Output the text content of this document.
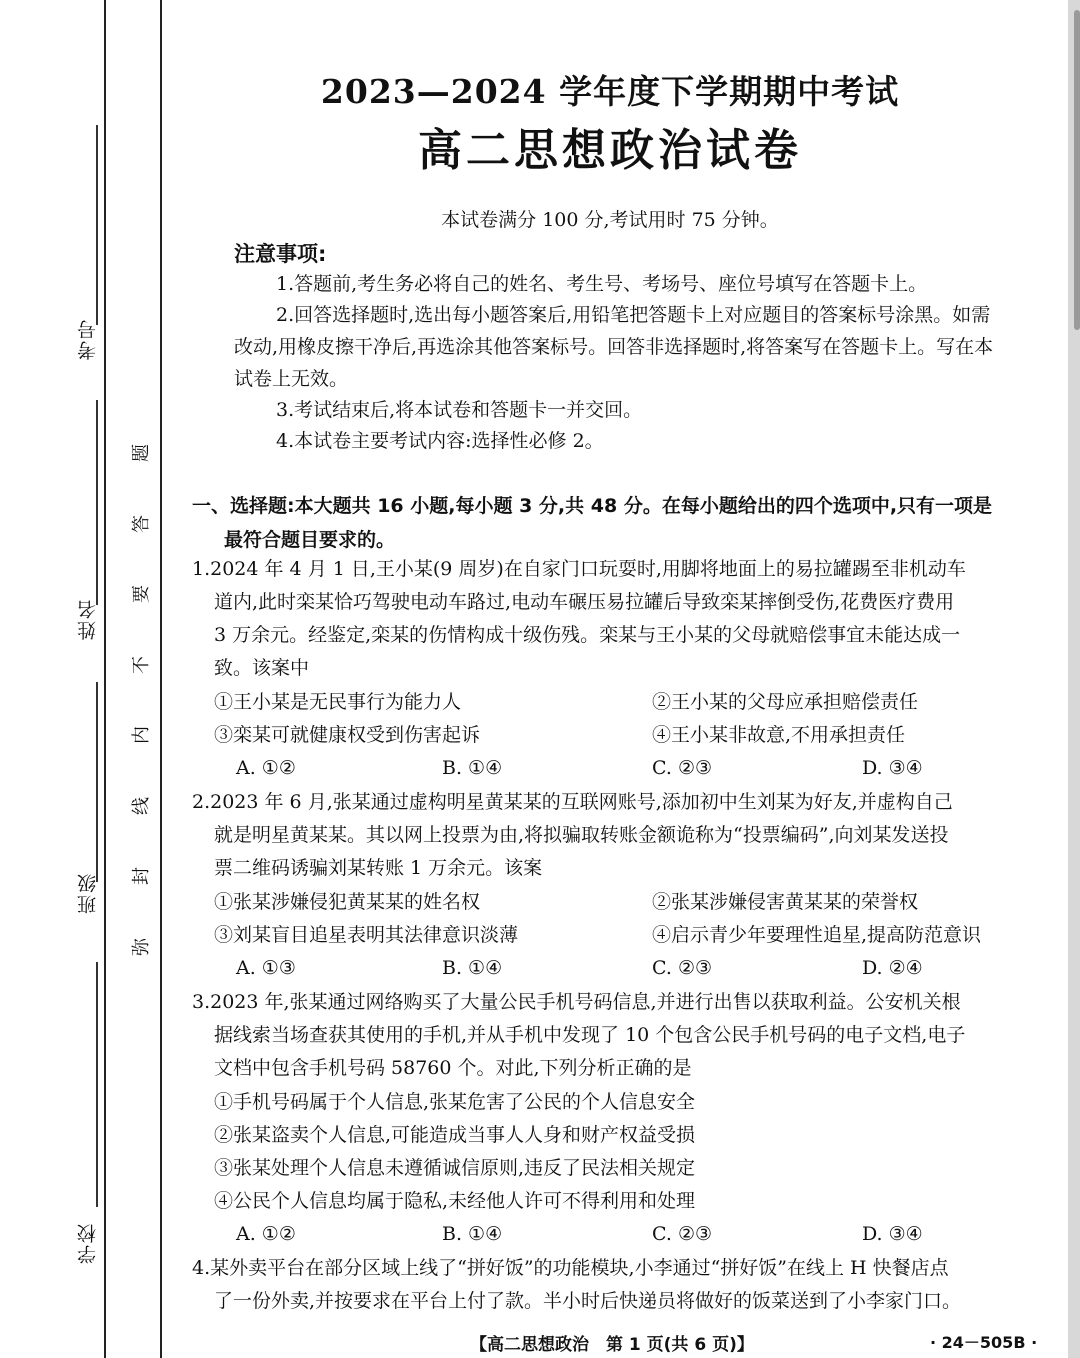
考号
姓名
班级
学校
题
答
要
不
内
线
封
弥
2023—2024 学年度下学期期中考试
高二思想政治试卷
本试卷满分 100 分,考试用时 75 分钟。
注意事项:
1.答题前,考生务必将自己的姓名、考生号、考场号、座位号填写在答题卡上。
2.回答选择题时,选出每小题答案后,用铅笔把答题卡上对应题目的答案标号涂黑。如需改动,用橡皮擦干净后,再选涂其他答案标号。回答非选择题时,将答案写在答题卡上。写在本试卷上无效。
3.考试结束后,将本试卷和答题卡一并交回。
4.本试卷主要考试内容:选择性必修 2。
一、选择题:本大题共 16 小题,每小题 3 分,共 48 分。在每小题给出的四个选项中,只有一项是
最符合题目要求的。

1.2024 年 4 月 1 日,王小某(9 周岁)在自家门口玩耍时,用脚将地面上的易拉罐踢至非机动车

道内,此时栾某恰巧驾驶电动车路过,电动车碾压易拉罐后导致栾某摔倒受伤,花费医疗费用

3 万余元。经鉴定,栾某的伤情构成十级伤残。栾某与王小某的父母就赔偿事宜未能达成一

致。该案中

①王小某是无民事行为能力人	②王小某的父母应承担赔偿责任
③栾某可就健康权受到伤害起诉	④王小某非故意,不用承担责任
A. ①②	B. ①④	C. ②③	D. ③④

2.2023 年 6 月,张某通过虚构明星黄某某的互联网账号,添加初中生刘某为好友,并虚构自己

就是明星黄某某。其以网上投票为由,将拟骗取转账金额诡称为“投票编码”,向刘某发送投

票二维码诱骗刘某转账 1 万余元。该案

①张某涉嫌侵犯黄某某的姓名权	②张某涉嫌侵害黄某某的荣誉权
③刘某盲目追星表明其法律意识淡薄	④启示青少年要理性追星,提高防范意识
A. ①③	B. ①④	C. ②③	D. ②④

3.2023 年,张某通过网络购买了大量公民手机号码信息,并进行出售以获取利益。公安机关根

据线索当场查获其使用的手机,并从手机中发现了 10 个包含公民手机号码的电子文档,电子

文档中包含手机号码 58760 个。对此,下列分析正确的是

①手机号码属于个人信息,张某危害了公民的个人信息安全
②张某盗卖个人信息,可能造成当事人人身和财产权益受损
③张某处理个人信息未遵循诚信原则,违反了民法相关规定
④公民个人信息均属于隐私,未经他人许可不得利用和处理
A. ①②	B. ①④	C. ②③	D. ③④

4.某外卖平台在部分区域上线了“拼好饭”的功能模块,小李通过“拼好饭”在线上 H 快餐店点

了一份外卖,并按要求在平台上付了款。半小时后快递员将做好的饭菜送到了小李家门口。

【高二思想政治　第 1 页(共 6 页)】	· 24－505B ·
